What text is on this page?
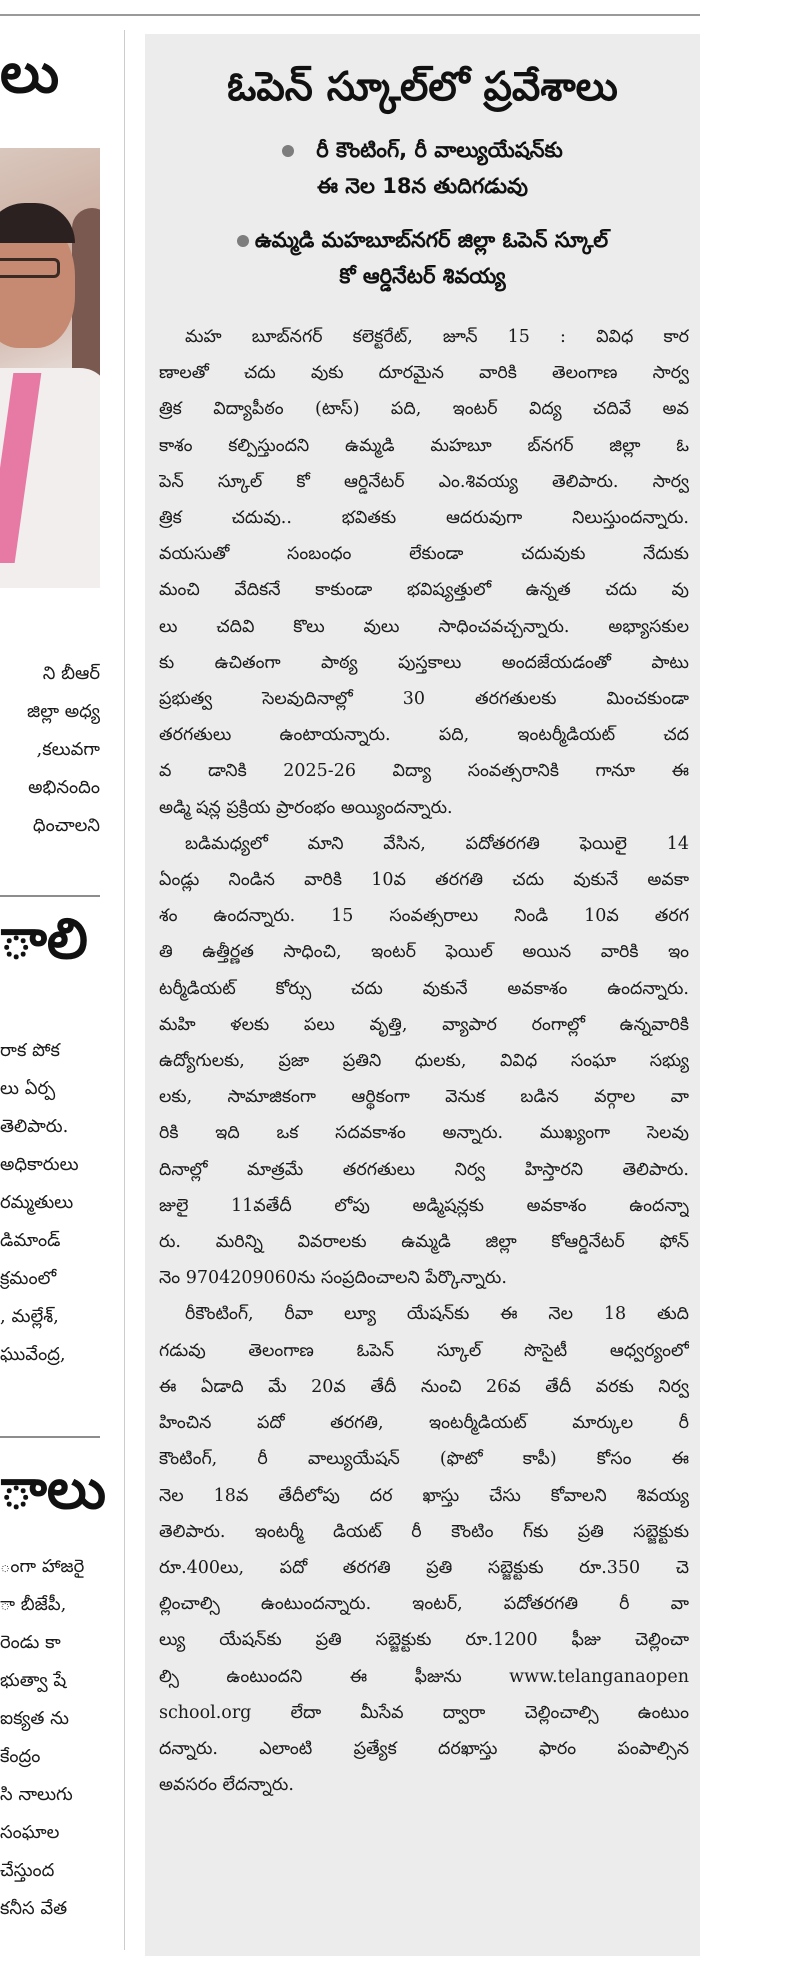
లు
ని బీఆర్
జిల్లా అధ్య
కలువగా,
అభినందిం
ధించాలని
ాలి
రాక పోక
లు ఏర్ప
తెలిపారు.
అధికారులు
రమ్మతులు
డిమాండ్
క్రమంలో
, మల్లేశ్,
ఘువేంద్ర,
ాలు
ంగా హాజరై
ా బీజేపీ,
రెండు కా
భుత్వా షే
ఐక్యత ను
కేంద్రం
సి నాలుగు
సంఘాల
చేస్తుంద
కనీస వేత
ఓపెన్ స్కూల్‌లో ప్రవేశాలు
రీ కౌంటింగ్, రీ వాల్యుయేషన్‌కు
ఈ నెల 18న తుదిగడువు
ఉమ్మడి మహబూబ్‌నగర్ జిల్లా ఓపెన్ స్కూల్
కో ఆర్డినేటర్ శివయ్య
మహ బూబ్‌నగర్ కలెక్టరేట్, జూన్ 15 : వివిధ కార
ణాలతో చదు వుకు దూరమైన వారికి తెలంగాణ సార్వ
త్రిక విద్యాపీఠం (టాస్) పది, ఇంటర్ విద్య చదివే అవ
కాశం కల్పిస్తుందని ఉమ్మడి మహబూ బ్‌నగర్ జిల్లా ఓ
పెన్ స్కూల్ కో ఆర్డినేటర్ ఎం.శివయ్య తెలిపారు. సార్వ
త్రిక చదువు.. భవితకు ఆదరువుగా నిలుస్తుందన్నారు.
వయసుతో సంబంధం లేకుండా చదువుకు నేదుకు
మంచి వేదికనే కాకుండా భవిష్యత్తులో ఉన్నత చదు వు
లు చదివి కొలు వులు సాధించవచ్చన్నారు. అభ్యాసకుల
కు ఉచితంగా పాఠ్య పుస్తకాలు అందజేయడంతో పాటు
ప్రభుత్వ సెలవుదినాల్లో 30 తరగతులకు మించకుండా
తరగతులు ఉంటాయన్నారు. పది, ఇంటర్మీడియట్ చద
వ డానికి 2025-26 విద్యా సంవత్సరానికి గానూ ఈ
అడ్మి షన్ల ప్రక్రియ ప్రారంభం అయ్యిందన్నారు.
బడిమధ్యలో మాని వేసిన, పదోతరగతి ఫెయిలై 14
ఏండ్లు నిండిన వారికి 10వ తరగతి చదు వుకునే అవకా
శం ఉందన్నారు. 15 సంవత్సరాలు నిండి 10వ తరగ
తి ఉత్తీర్ణత సాధించి, ఇంటర్ ఫెయిల్ అయిన వారికి ఇం
టర్మీడియట్ కోర్సు చదు వుకునే అవకాశం ఉందన్నారు.
మహి ళలకు పలు వృత్తి, వ్యాపార రంగాల్లో ఉన్నవారికి
ఉద్యోగులకు, ప్రజా ప్రతిని ధులకు, వివిధ సంఘా సభ్యు
లకు, సామాజికంగా ఆర్థికంగా వెనుక బడిన వర్గాల వా
రికి ఇది ఒక సదవకాశం అన్నారు. ముఖ్యంగా సెలవు
దినాల్లో మాత్రమే తరగతులు నిర్వ హిస్తారని తెలిపారు.
జులై 11వతేదీ లోపు అడ్మిషన్లకు అవకాశం ఉందన్నా
రు. మరిన్ని వివరాలకు ఉమ్మడి జిల్లా కోఆర్డినేటర్ ఫోన్
నెం 9704209060ను సంప్రదించాలని పేర్కొన్నారు.
రీకౌంటింగ్, రీవా ల్యూ యేషన్‌కు ఈ నెల 18 తుది
గడువు తెలంగాణ ఓపెన్ స్కూల్ సొసైటీ ఆధ్వర్యంలో
ఈ ఏడాది మే 20వ తేదీ నుంచి 26వ తేదీ వరకు నిర్వ
హించిన పదో తరగతి, ఇంటర్మీడియట్ మార్కుల రీ
కౌంటింగ్, రీ వాల్యుయేషన్ (ఫొటో కాపీ) కోసం ఈ
నెల 18వ తేదీలోపు దర ఖాస్తు చేసు కోవాలని శివయ్య
తెలిపారు. ఇంటర్మీ డియట్ రీ కౌంటిం గ్‌కు ప్రతి సబ్జెక్టుకు
రూ.400లు, పదో తరగతి ప్రతి సబ్జెక్టుకు రూ.350 చె
ల్లించాల్సి ఉంటుందన్నారు. ఇంటర్, పదోతరగతి రీ వా
ల్యు యేషన్‌కు ప్రతి సబ్జెక్టుకు రూ.1200 ఫీజు చెల్లించా
ల్సి ఉంటుందని ఈ ఫీజును www.telanganaopen
school.org లేదా మీసేవ ద్వారా చెల్లించాల్సి ఉంటుం
దన్నారు. ఎలాంటి ప్రత్యేక దరఖాస్తు ఫారం పంపాల్సిన
అవసరం లేదన్నారు.
